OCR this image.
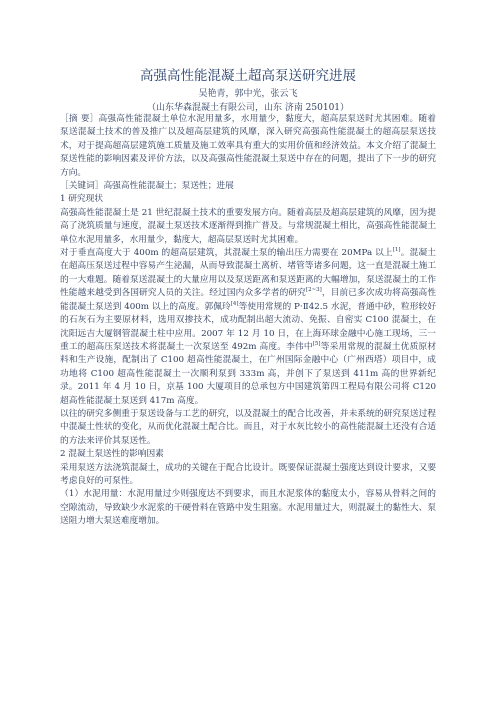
高强高性能混凝土超高泵送研究进展
吴艳青，郭中光，张云飞
（山东华森混凝土有限公司，山东 济南 250101）

［摘 要］高强高性能混凝土单位水泥用量多，水用量少，黏度大，超高层泵送时尤其困难。随着泵送混凝土技术的普及推广以及超高层建筑的风靡，深入研究高强高性能混凝土的超高层泵送技术，对于提高超高层建筑施工质量及施工效率具有重大的实用价值和经济效益。本文介绍了混凝土泵送性能的影响因素及评价方法，以及高强高性能混凝土泵送中存在的问题，提出了下一步的研究方向。

［关键词］高强高性能混凝土；泵送性；进展

1 研究现状

高强高性能混凝土是 21 世纪混凝土技术的重要发展方向。随着高层及超高层建筑的风靡，因为提高了浇筑质量与速度，混凝土泵送技术逐渐得到推广普及。与常规混凝土相比，高强高性能混凝土单位水泥用量多，水用量少，黏度大，超高层泵送时尤其困难。

对于垂直高度大于 400m 的超高层建筑，其混凝土泵的输出压力需要在 20MPa 以上[1]。混凝土在超高压泵送过程中容易产生泌漏，从而导致混凝土离析、堵管等诸多问题，这一直是混凝土施工的一大难题。随着泵送混凝土的大量应用以及泵送距离和泵送距离的大幅增加，泵送混凝土的工作性能越来越受到各国研究人员的关注。经过国内众多学者的研究[2~3]，目前已多次成功将高强高性能混凝土泵送到 400m 以上的高度。郭佩玲[4]等使用常规的 P·Ⅱ42.5 水泥，普通中砂，粒形较好的石灰石为主要原材料，选用双掺技术，成功配制出超大流动、免振、自密实 C100 混凝土，在沈阳远吉大厦钢管混凝土柱中应用。2007 年 12 月 10 日，在上海环球金融中心施工现场，三一重工的超高压泵送技术将混凝土一次泵送至 492m 高度。李伟中[5]等采用常规的混凝土优质原材料和生产设施，配制出了 C100 超高性能混凝土，在广州国际金融中心（广州西塔）项目中，成功地将 C100 超高性能混凝土一次顺利泵到 333m 高，并创下了泵送到 411m 高的世界新纪录。2011 年 4 月 10 日，京基 100 大厦项目的总承包方中国建筑第四工程局有限公司将 C120 超高性能混凝土泵送到 417m 高度。

以往的研究多侧重于泵送设备与工艺的研究，以及混凝土的配合比改善，并未系统的研究泵送过程中混凝土性状的变化，从而优化混凝土配合比。而且，对于水灰比较小的高性能混凝土还没有合适的方法来评价其泵送性。

2 混凝土泵送性的影响因素

采用泵送方法浇筑混凝土，成功的关键在于配合比设计。既要保证混凝土强度达到设计要求，又要考虑良好的可泵性。

（1）水泥用量：水泥用量过少则强度达不到要求，而且水泥浆体的黏度太小，容易从骨料之间的空隙流动，导致缺少水泥浆的干硬骨料在管路中发生阻塞。水泥用量过大，则混凝土的黏性大、泵送阻力增大泵送难度增加。
